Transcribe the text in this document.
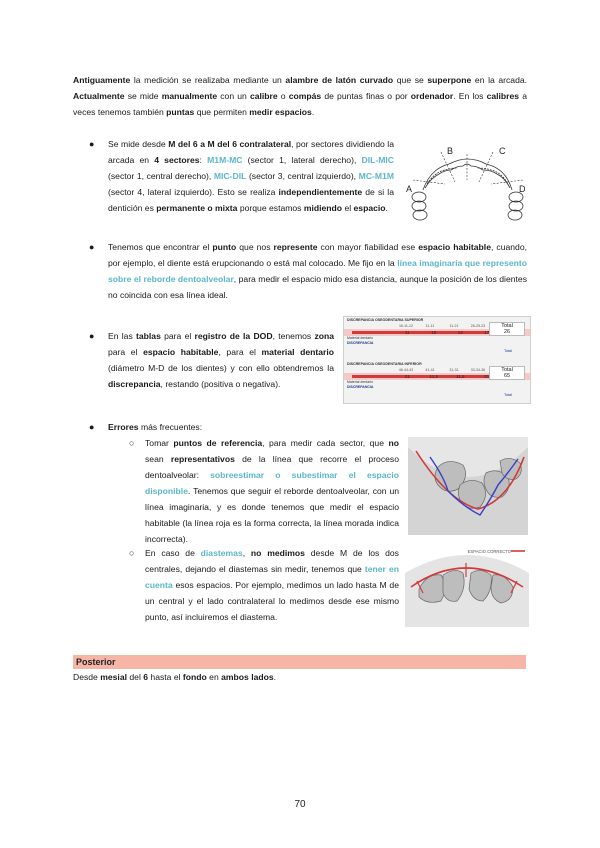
Antiguamente la medición se realizaba mediante un alambre de latón curvado que se superpone en la arcada. Actualmente se mide manualmente con un calibre o compás de puntas finas o por ordenador. En los calibres a veces tenemos también puntas que permiten medir espacios.
● Se mide desde M del 6 a M del 6 contralateral, por sectores dividiendo la arcada en 4 sectores: M1M-MC (sector 1, lateral derecho), DIL-MIC (sector 1, central derecho), MIC-DIL (sector 3, central izquierdo), MC-M1M (sector 4, lateral izquierdo). Esto se realiza independientemente de si la dentición es permanente o mixta porque estamos midiendo el espacio.
A
B	C
D
● Tenemos que encontrar el punto que nos represente con mayor fiabilidad ese espacio habitable, cuando, por ejemplo, el diente está erupcionando o está mal colocado. Me fijo en la línea imaginaria que represento sobre el reborde dentoalveolar, para medir el espacio mido esa distancia, aunque la posición de los dientes no coincida con esa línea ideal.
● En las tablas para el registro de la DOD, tenemos zona para el espacio habitable, para el material dentario (diámetro M-D de los dientes) y con ello obtendremos la discrepancia, restando (positiva o negativa).
DISCREPANCIA OSEODENTARIA SUPERIOR
16-11-12	11-11	11-21	26-25-23
11	15	14	17
Material dentario
DISCREPANCIA
Total
26
Total
DISCREPANCIA OSEODENTARIA INFERIOR
46-44-43	41-41	31-31	33-34-36
21	11,5	11,5	21
Material dentario
DISCREPANCIA
Total
65
Total
● Errores más frecuentes:
○ Tomar puntos de referencia, para medir cada sector, que no sean representativos de la línea que recorre el proceso dentoalveolar: sobreestimar o subestimar el espacio disponible. Tenemos que seguir el reborde dentoalveolar, con un línea imaginaria, y es donde tenemos que medir el espacio habitable (la línea roja es la forma correcta, la línea morada indica incorrecta).
○ En caso de diastemas, no medimos desde M de los dos centrales, dejando el diastemas sin medir, tenemos que tener en cuenta esos espacios. Por ejemplo, medimos un lado hasta M de un central y el lado contralateral lo medimos desde ese mismo punto, así incluiremos el diastema.
ESPACIO CORRECTO
Posterior
Desde mesial del 6 hasta el fondo en ambos lados.
70
